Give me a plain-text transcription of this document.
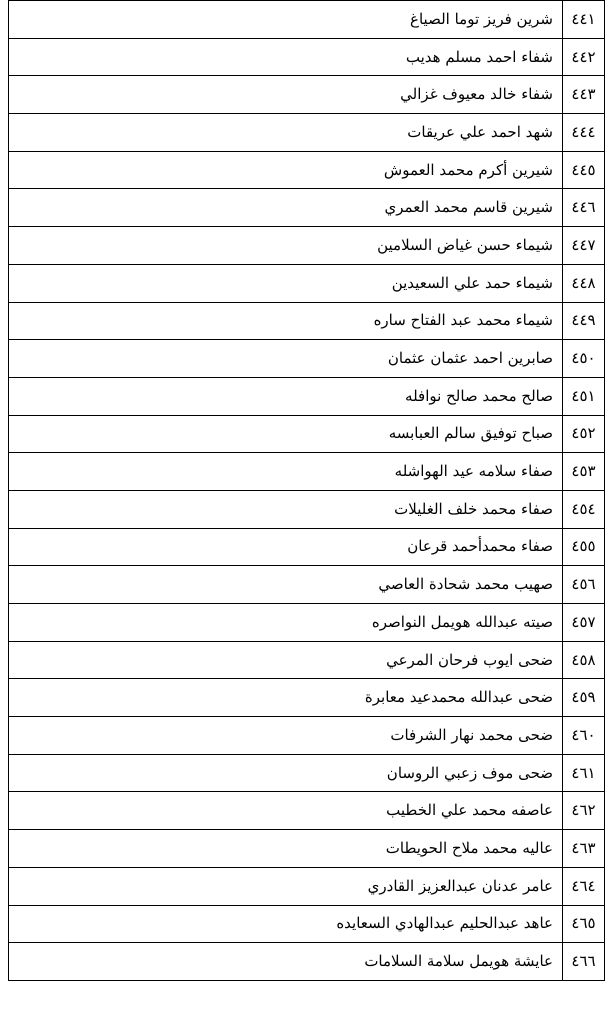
٤٤١	شرين فريز توما الصياغ
٤٤٢	شفاء احمد مسلم هديب
٤٤٣	شفاء خالد معيوف غزالي
٤٤٤	شهد احمد علي عريقات
٤٤٥	شيرين أكرم محمد العموش
٤٤٦	شيرين قاسم محمد العمري
٤٤٧	شيماء حسن غياض السلامين
٤٤٨	شيماء حمد علي السعيدين
٤٤٩	شيماء محمد عبد الفتاح ساره
٤٥٠	صابرين احمد عثمان عثمان
٤٥١	صالح محمد صالح نوافله
٤٥٢	صباح توفيق سالم العبابسه
٤٥٣	صفاء سلامه عيد الهواشله
٤٥٤	صفاء محمد خلف الغليلات
٤٥٥	صفاء محمدأحمد قرعان
٤٥٦	صهيب محمد شحادة العاصي
٤٥٧	صيته عبدالله هويمل النواصره
٤٥٨	ضحى ايوب فرحان المرعي
٤٥٩	ضحى عبدالله محمدعيد معابرة
٤٦٠	ضحى محمد نهار الشرفات
٤٦١	ضحى موف زعبي الروسان
٤٦٢	عاصفه محمد علي الخطيب
٤٦٣	عاليه محمد ملاح الحويطات
٤٦٤	عامر عدنان عبدالعزيز القادري
٤٦٥	عاهد عبدالحليم عبدالهادي السعايده
٤٦٦	عايشة هويمل سلامة السلامات
